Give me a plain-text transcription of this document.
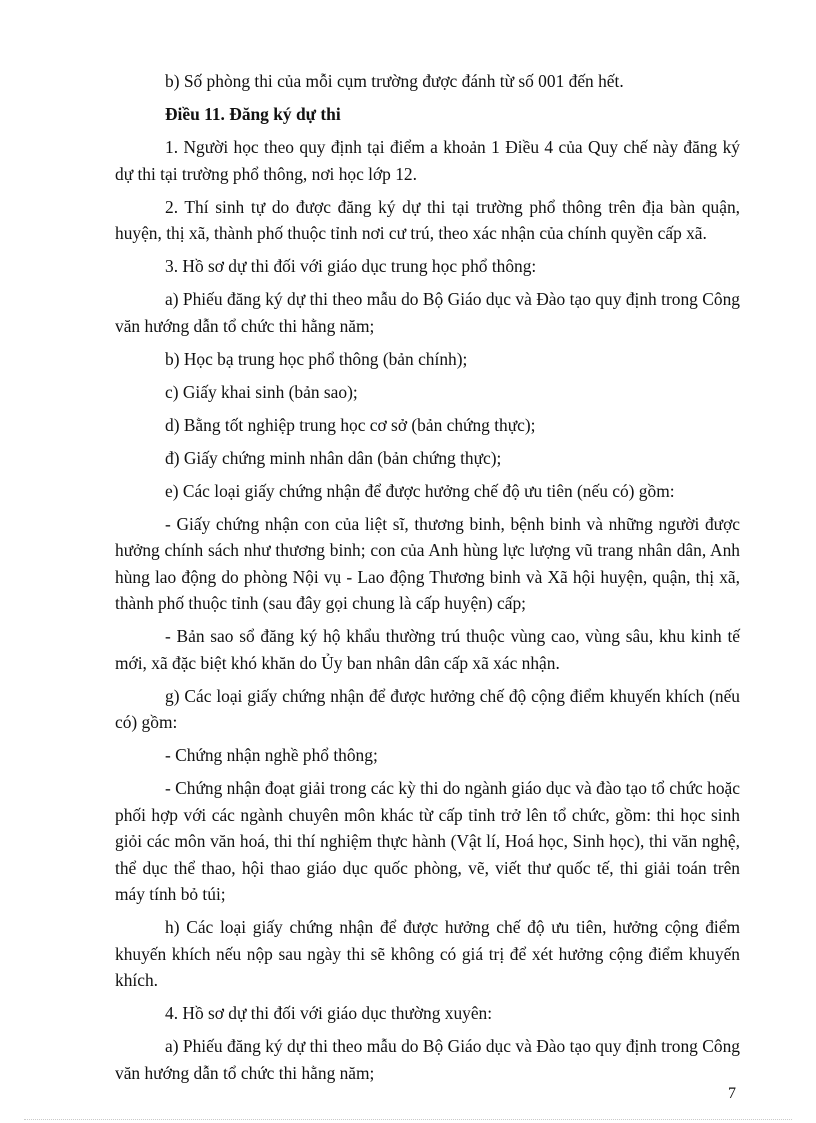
b) Số phòng thi của mỗi cụm trường được đánh từ số 001 đến hết.

Điều 11. Đăng ký dự thi

1. Người học theo quy định tại điểm a khoản 1 Điều 4 của Quy chế này đăng ký dự thi tại trường phổ thông, nơi học lớp 12.

2. Thí sinh tự do được đăng ký dự thi tại trường phổ thông trên địa bàn quận, huyện, thị xã, thành phố thuộc tỉnh nơi cư trú, theo xác nhận của chính quyền cấp xã.

3. Hồ sơ dự thi đối với giáo dục trung học phổ thông:

a) Phiếu đăng ký dự thi theo mẫu do Bộ Giáo dục và Đào tạo quy định trong Công văn hướng dẫn tổ chức thi hằng năm;

b) Học bạ trung học phổ thông (bản chính);

c) Giấy khai sinh (bản sao);

d) Bằng tốt nghiệp trung học cơ sở (bản chứng thực);

đ) Giấy chứng minh nhân dân (bản chứng thực);

e) Các loại giấy chứng nhận để được hưởng chế độ ưu tiên (nếu có) gồm:

- Giấy chứng nhận con của liệt sĩ, thương binh, bệnh binh và những người được hưởng chính sách như thương binh; con của Anh hùng lực lượng vũ trang nhân dân, Anh hùng lao động do phòng Nội vụ - Lao động Thương binh và Xã hội huyện, quận, thị xã, thành phố thuộc tỉnh (sau đây gọi chung là cấp huyện) cấp;

- Bản sao sổ đăng ký hộ khẩu thường trú thuộc vùng cao, vùng sâu, khu kinh tế mới, xã đặc biệt khó khăn do Ủy ban nhân dân cấp xã xác nhận.

g) Các loại giấy chứng nhận để được hưởng chế độ cộng điểm khuyến khích (nếu có) gồm:

- Chứng nhận nghề phổ thông;

- Chứng nhận đoạt giải trong các kỳ thi do ngành giáo dục và đào tạo tổ chức hoặc phối hợp với các ngành chuyên môn khác từ cấp tỉnh trở lên tổ chức, gồm: thi học sinh giỏi các môn văn hoá, thi thí nghiệm thực hành (Vật lí, Hoá học, Sinh học), thi văn nghệ, thể dục thể thao, hội thao giáo dục quốc phòng, vẽ, viết thư quốc tế, thi giải toán trên máy tính bỏ túi;

h) Các loại giấy chứng nhận để được hưởng chế độ ưu tiên, hưởng cộng điểm khuyến khích nếu nộp sau ngày thi sẽ không có giá trị để xét hưởng cộng điểm khuyến khích.

4. Hồ sơ dự thi đối với giáo dục thường xuyên:

a) Phiếu đăng ký dự thi theo mẫu do Bộ Giáo dục và Đào tạo quy định trong Công văn hướng dẫn tổ chức thi hằng năm;

7
